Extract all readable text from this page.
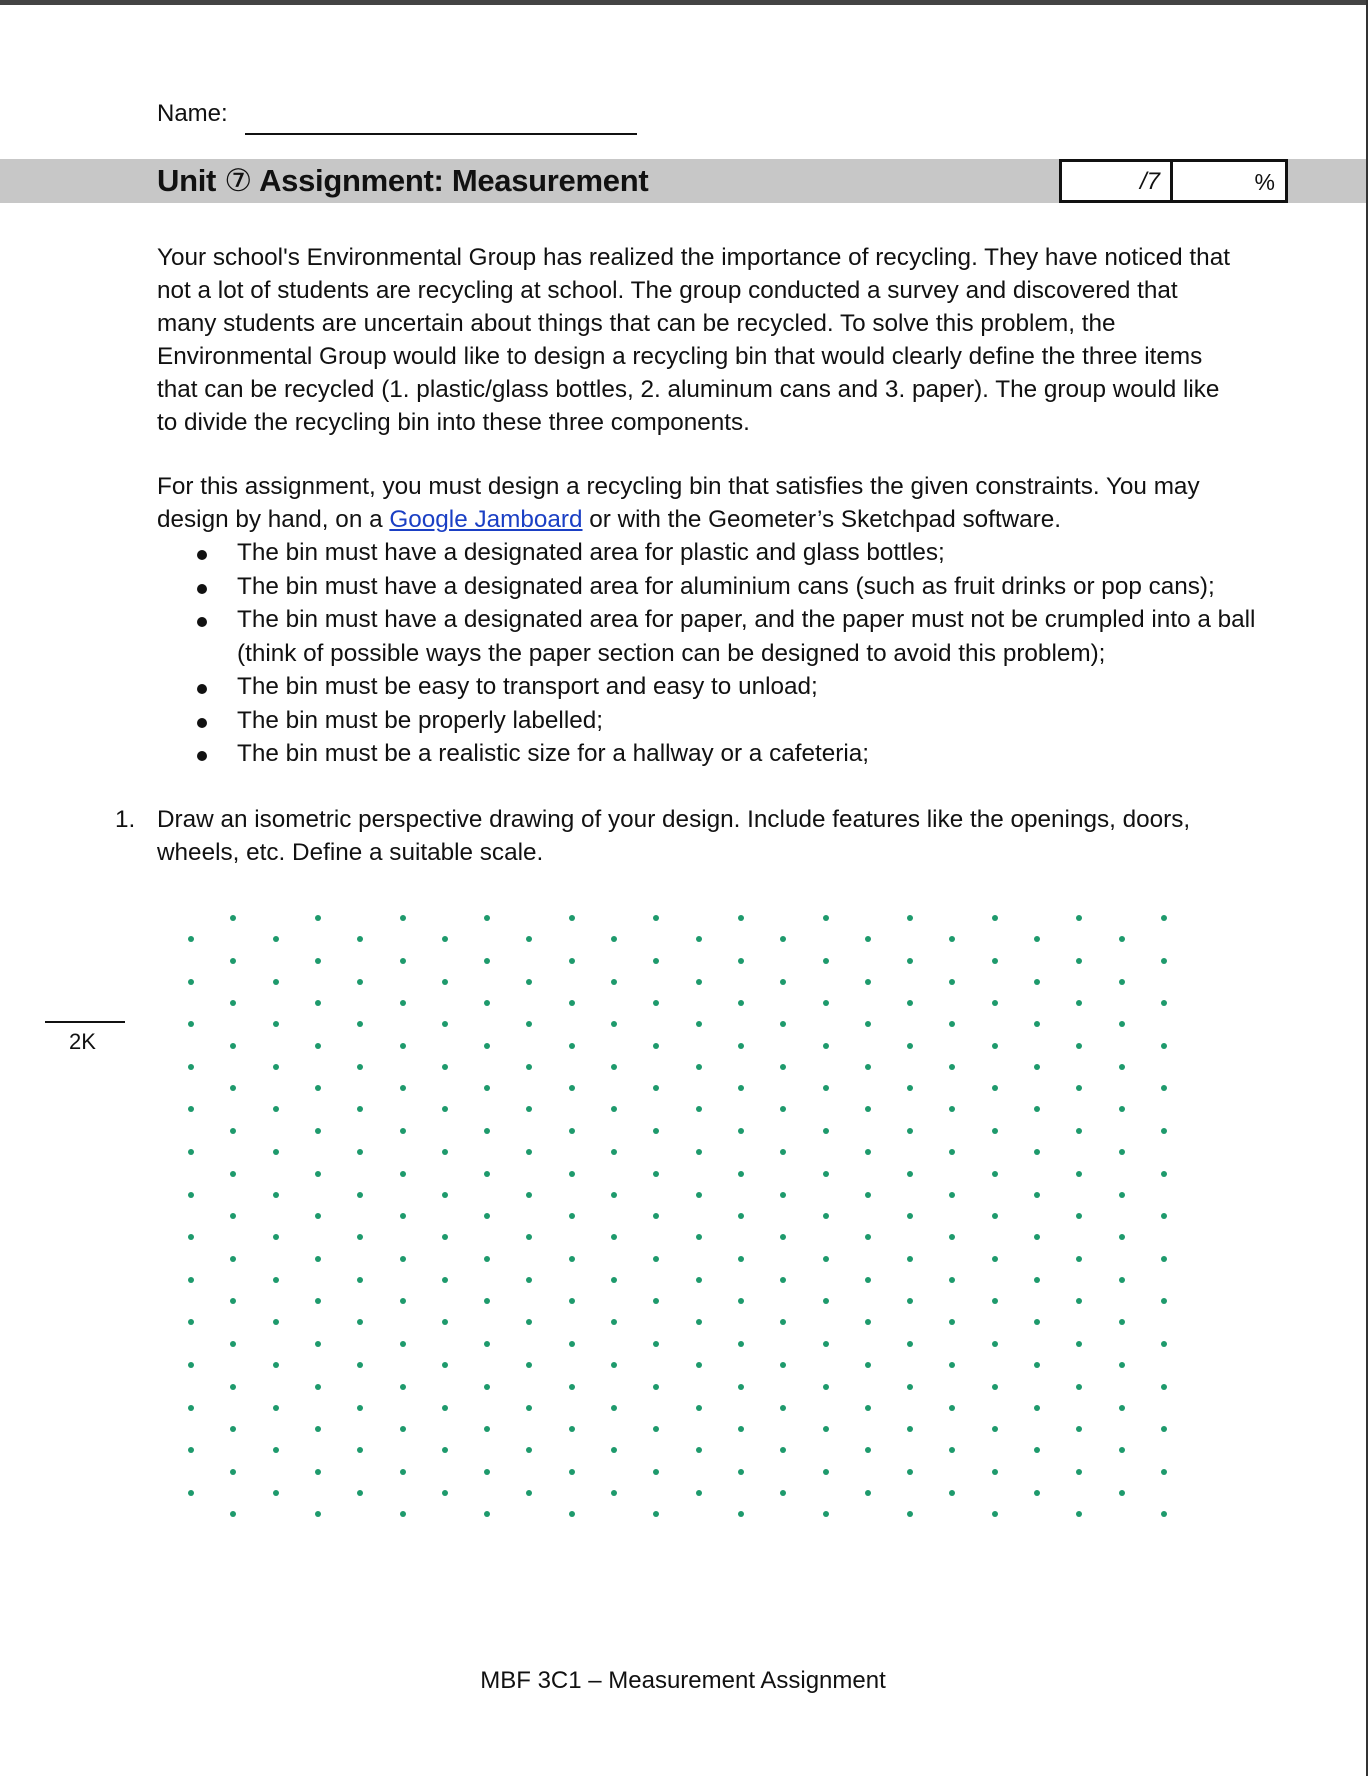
Name:
Unit ⑦ Assignment: Measurement	/7	%

Your school's Environmental Group has realized the importance of recycling. They have noticed that not a lot of students are recycling at school. The group conducted a survey and discovered that many students are uncertain about things that can be recycled. To solve this problem, the Environmental Group would like to design a recycling bin that would clearly define the three items that can be recycled (1. plastic/glass bottles, 2. aluminum cans and 3. paper). The group would like to divide the recycling bin into these three components.

For this assignment, you must design a recycling bin that satisfies the given constraints. You may design by hand, on a Google Jamboard or with the Geometer’s Sketchpad software.

The bin must have a designated area for plastic and glass bottles;
The bin must have a designated area for aluminium cans (such as fruit drinks or pop cans);
The bin must have a designated area for paper, and the paper must not be crumpled into a ball (think of possible ways the paper section can be designed to avoid this problem);
The bin must be easy to transport and easy to unload;
The bin must be properly labelled;
The bin must be a realistic size for a hallway or a cafeteria;
1. Draw an isometric perspective drawing of your design. Include features like the openings, doors, wheels, etc. Define a suitable scale.
2K
MBF 3C1 – Measurement Assignment
